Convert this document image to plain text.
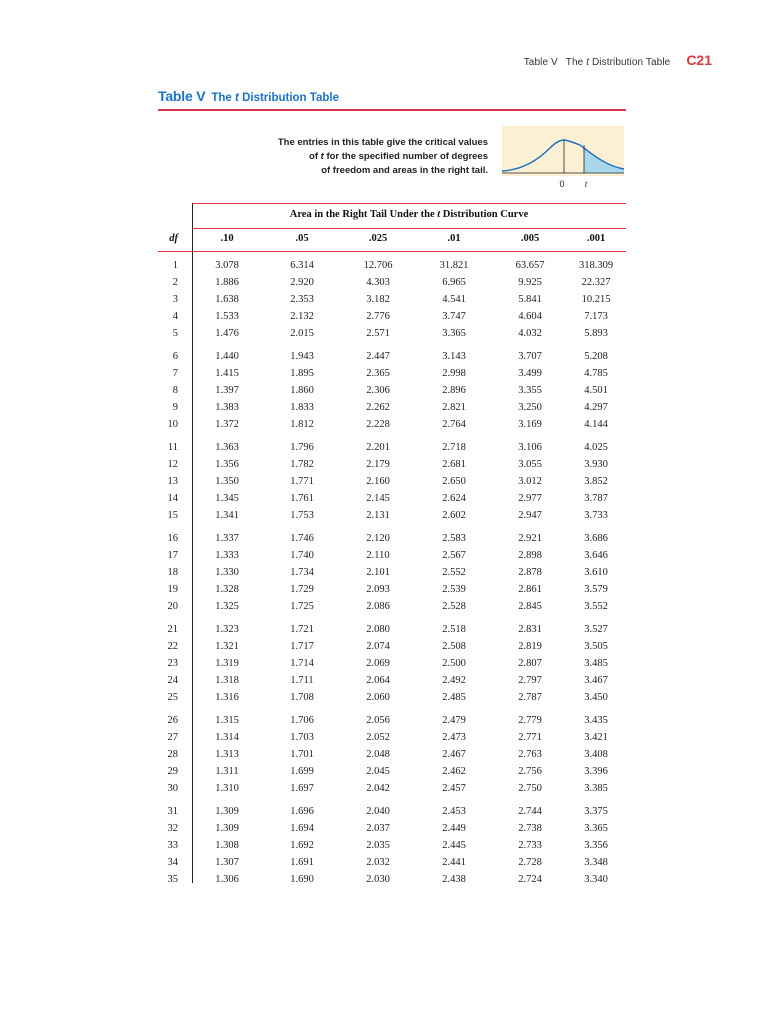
Table V The t Distribution Table C21
Table V The t Distribution Table
The entries in this table give the critical values
of t for the specified number of degrees
of freedom and areas in the right tail.
0 t
Area in the Right Tail Under the t Distribution Curve
df	.10	.05	.025	.01	.005	.001
1	3.078	6.314	12.706	31.821	63.657	318.309
2	1.886	2.920	4.303	6.965	9.925	22.327
3	1.638	2.353	3.182	4.541	5.841	10.215
4	1.533	2.132	2.776	3.747	4.604	7.173
5	1.476	2.015	2.571	3.365	4.032	5.893
6	1.440	1.943	2.447	3.143	3.707	5.208
7	1.415	1.895	2.365	2.998	3.499	4.785
8	1.397	1.860	2.306	2.896	3.355	4.501
9	1.383	1.833	2.262	2.821	3.250	4.297
10	1.372	1.812	2.228	2.764	3.169	4.144
11	1.363	1.796	2.201	2.718	3.106	4.025
12	1.356	1.782	2.179	2.681	3.055	3.930
13	1.350	1.771	2.160	2.650	3.012	3.852
14	1.345	1.761	2.145	2.624	2.977	3.787
15	1.341	1.753	2.131	2.602	2.947	3.733
16	1.337	1.746	2.120	2.583	2.921	3.686
17	1.333	1.740	2.110	2.567	2.898	3.646
18	1.330	1.734	2.101	2.552	2.878	3.610
19	1.328	1.729	2.093	2.539	2.861	3.579
20	1.325	1.725	2.086	2.528	2.845	3.552
21	1.323	1.721	2.080	2.518	2.831	3.527
22	1.321	1.717	2.074	2.508	2.819	3.505
23	1.319	1.714	2.069	2.500	2.807	3.485
24	1.318	1.711	2.064	2.492	2.797	3.467
25	1.316	1.708	2.060	2.485	2.787	3.450
26	1.315	1.706	2.056	2.479	2.779	3.435
27	1.314	1.703	2.052	2.473	2.771	3.421
28	1.313	1.701	2.048	2.467	2.763	3.408
29	1.311	1.699	2.045	2.462	2.756	3.396
30	1.310	1.697	2.042	2.457	2.750	3.385
31	1.309	1.696	2.040	2.453	2.744	3.375
32	1.309	1.694	2.037	2.449	2.738	3.365
33	1.308	1.692	2.035	2.445	2.733	3.356
34	1.307	1.691	2.032	2.441	2.728	3.348
35	1.306	1.690	2.030	2.438	2.724	3.340
